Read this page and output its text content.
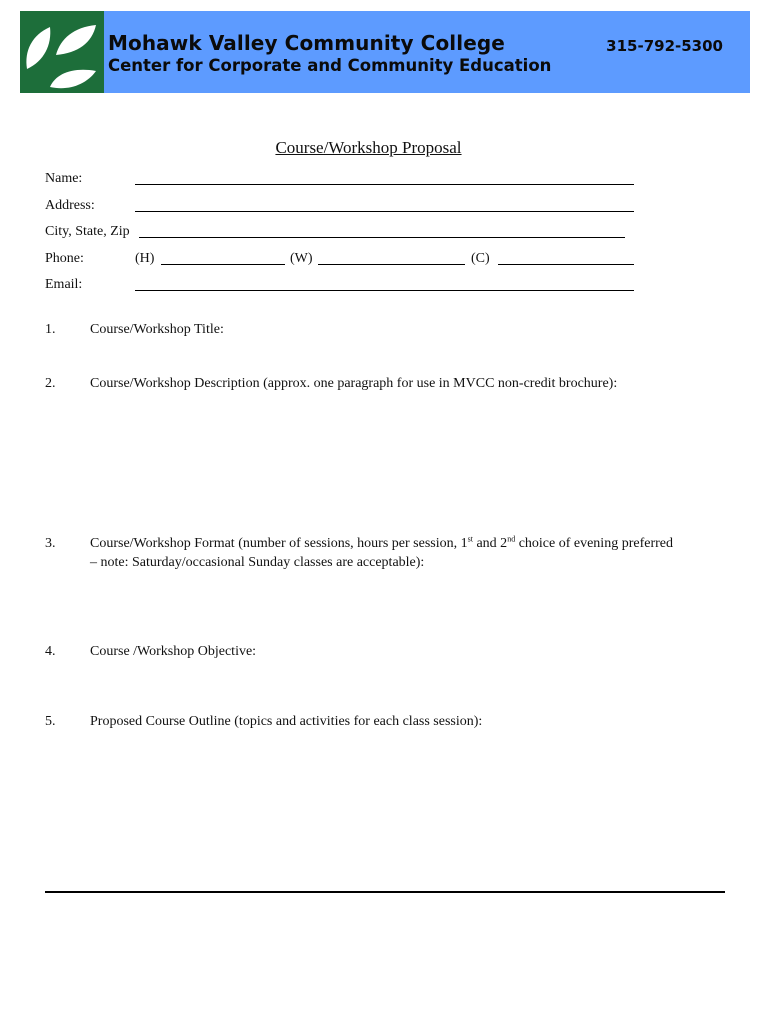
Mohawk Valley Community College
Center for Corporate and Community Education
315-792-5300
Course/Workshop Proposal
Name:
Address:
City, State, Zip
Phone:	(H)	(W)	(C)
Email:
1. Course/Workshop Title:
2. Course/Workshop Description (approx. one paragraph for use in MVCC non-credit brochure):
3. Course/Workshop Format (number of sessions, hours per session, 1st and 2nd choice of evening preferred
– note: Saturday/occasional Sunday classes are acceptable):
4. Course /Workshop Objective:
5. Proposed Course Outline (topics and activities for each class session):
